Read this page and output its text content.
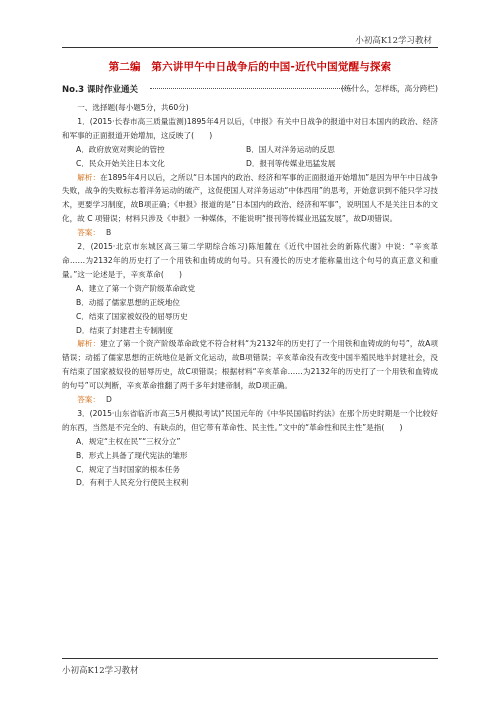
小初高K12学习教材
第二编　第六讲甲午中日战争后的中国-近代中国觉醒与探索
No.3 课时作业通关	(练什么，怎样练，高分跨栏)

一、选择题(每小题5分，共60分)

1．(2015·长春市高三质量监测)1895年4月以后，《申报》有关中日战争的报道中对日本国内的政治、经济和军事的正面报道开始增加，这反映了(　　)

A．政府放宽对舆论的管控	B．国人对洋务运动的反思
C．民众开始关注日本文化	D．报刊等传媒业迅猛发展

解析：在1895年4月以后，之所以“日本国内的政治、经济和军事的正面报道开始增加”是因为甲午中日战争失败，战争的失败标志着洋务运动的破产，这促使国人对洋务运动“中体西用”的思考，开始意识到不能只学习技术，更要学习制度，故B项正确；《申报》报道的是“日本国内的政治、经济和军事”，说明国人不是关注日本的文化，故 C 项错误；材料只涉及《申报》一种媒体，不能说明“报刊等传媒业迅猛发展”，故D项错误。

答案： B

2．(2015·北京市东城区高三第二学期综合练习)陈旭麓在《近代中国社会的新陈代谢》中说：“辛亥革命……为2132年的历史打了一个用铁和血铸成的句号。只有漫长的历史才能称量出这个句号的真正意义和重量。”这一论述是于，辛亥革命(　　)

A．建立了第一个资产阶级革命政党

B．动摇了儒家思想的正统地位

C．结束了国家被奴役的屈辱历史

D．结束了封建君主专制制度

解析：建立了第一个资产阶级革命政党不符合材料“为2132年的历史打了一个用铁和血铸成的句号”，故A项错误；动摇了儒家思想的正统地位是新文化运动，故B项错误；辛亥革命没有改变中国半殖民地半封建社会，没有结束了国家被奴役的屈辱历史，故C项错误；根据材料“辛亥革命……为2132年的历史打了一个用铁和血铸成的句号”可以判断，辛亥革命推翻了两千多年封建帝制，故D项正确。

答案： D

3．(2015·山东省临沂市高三5月模拟考试)“民国元年的《中华民国临时约法》在那个历史时期是一个比较好的东西，当然是不完全的、有缺点的，但它带有革命性、民主性。”文中的“革命性和民主性”是指(　　)

A．规定“主权在民”“三权分立”

B．形式上具备了现代宪法的雏形

C．规定了当时国家的根本任务

D．有利于人民充分行使民主权利

小初高K12学习教材
